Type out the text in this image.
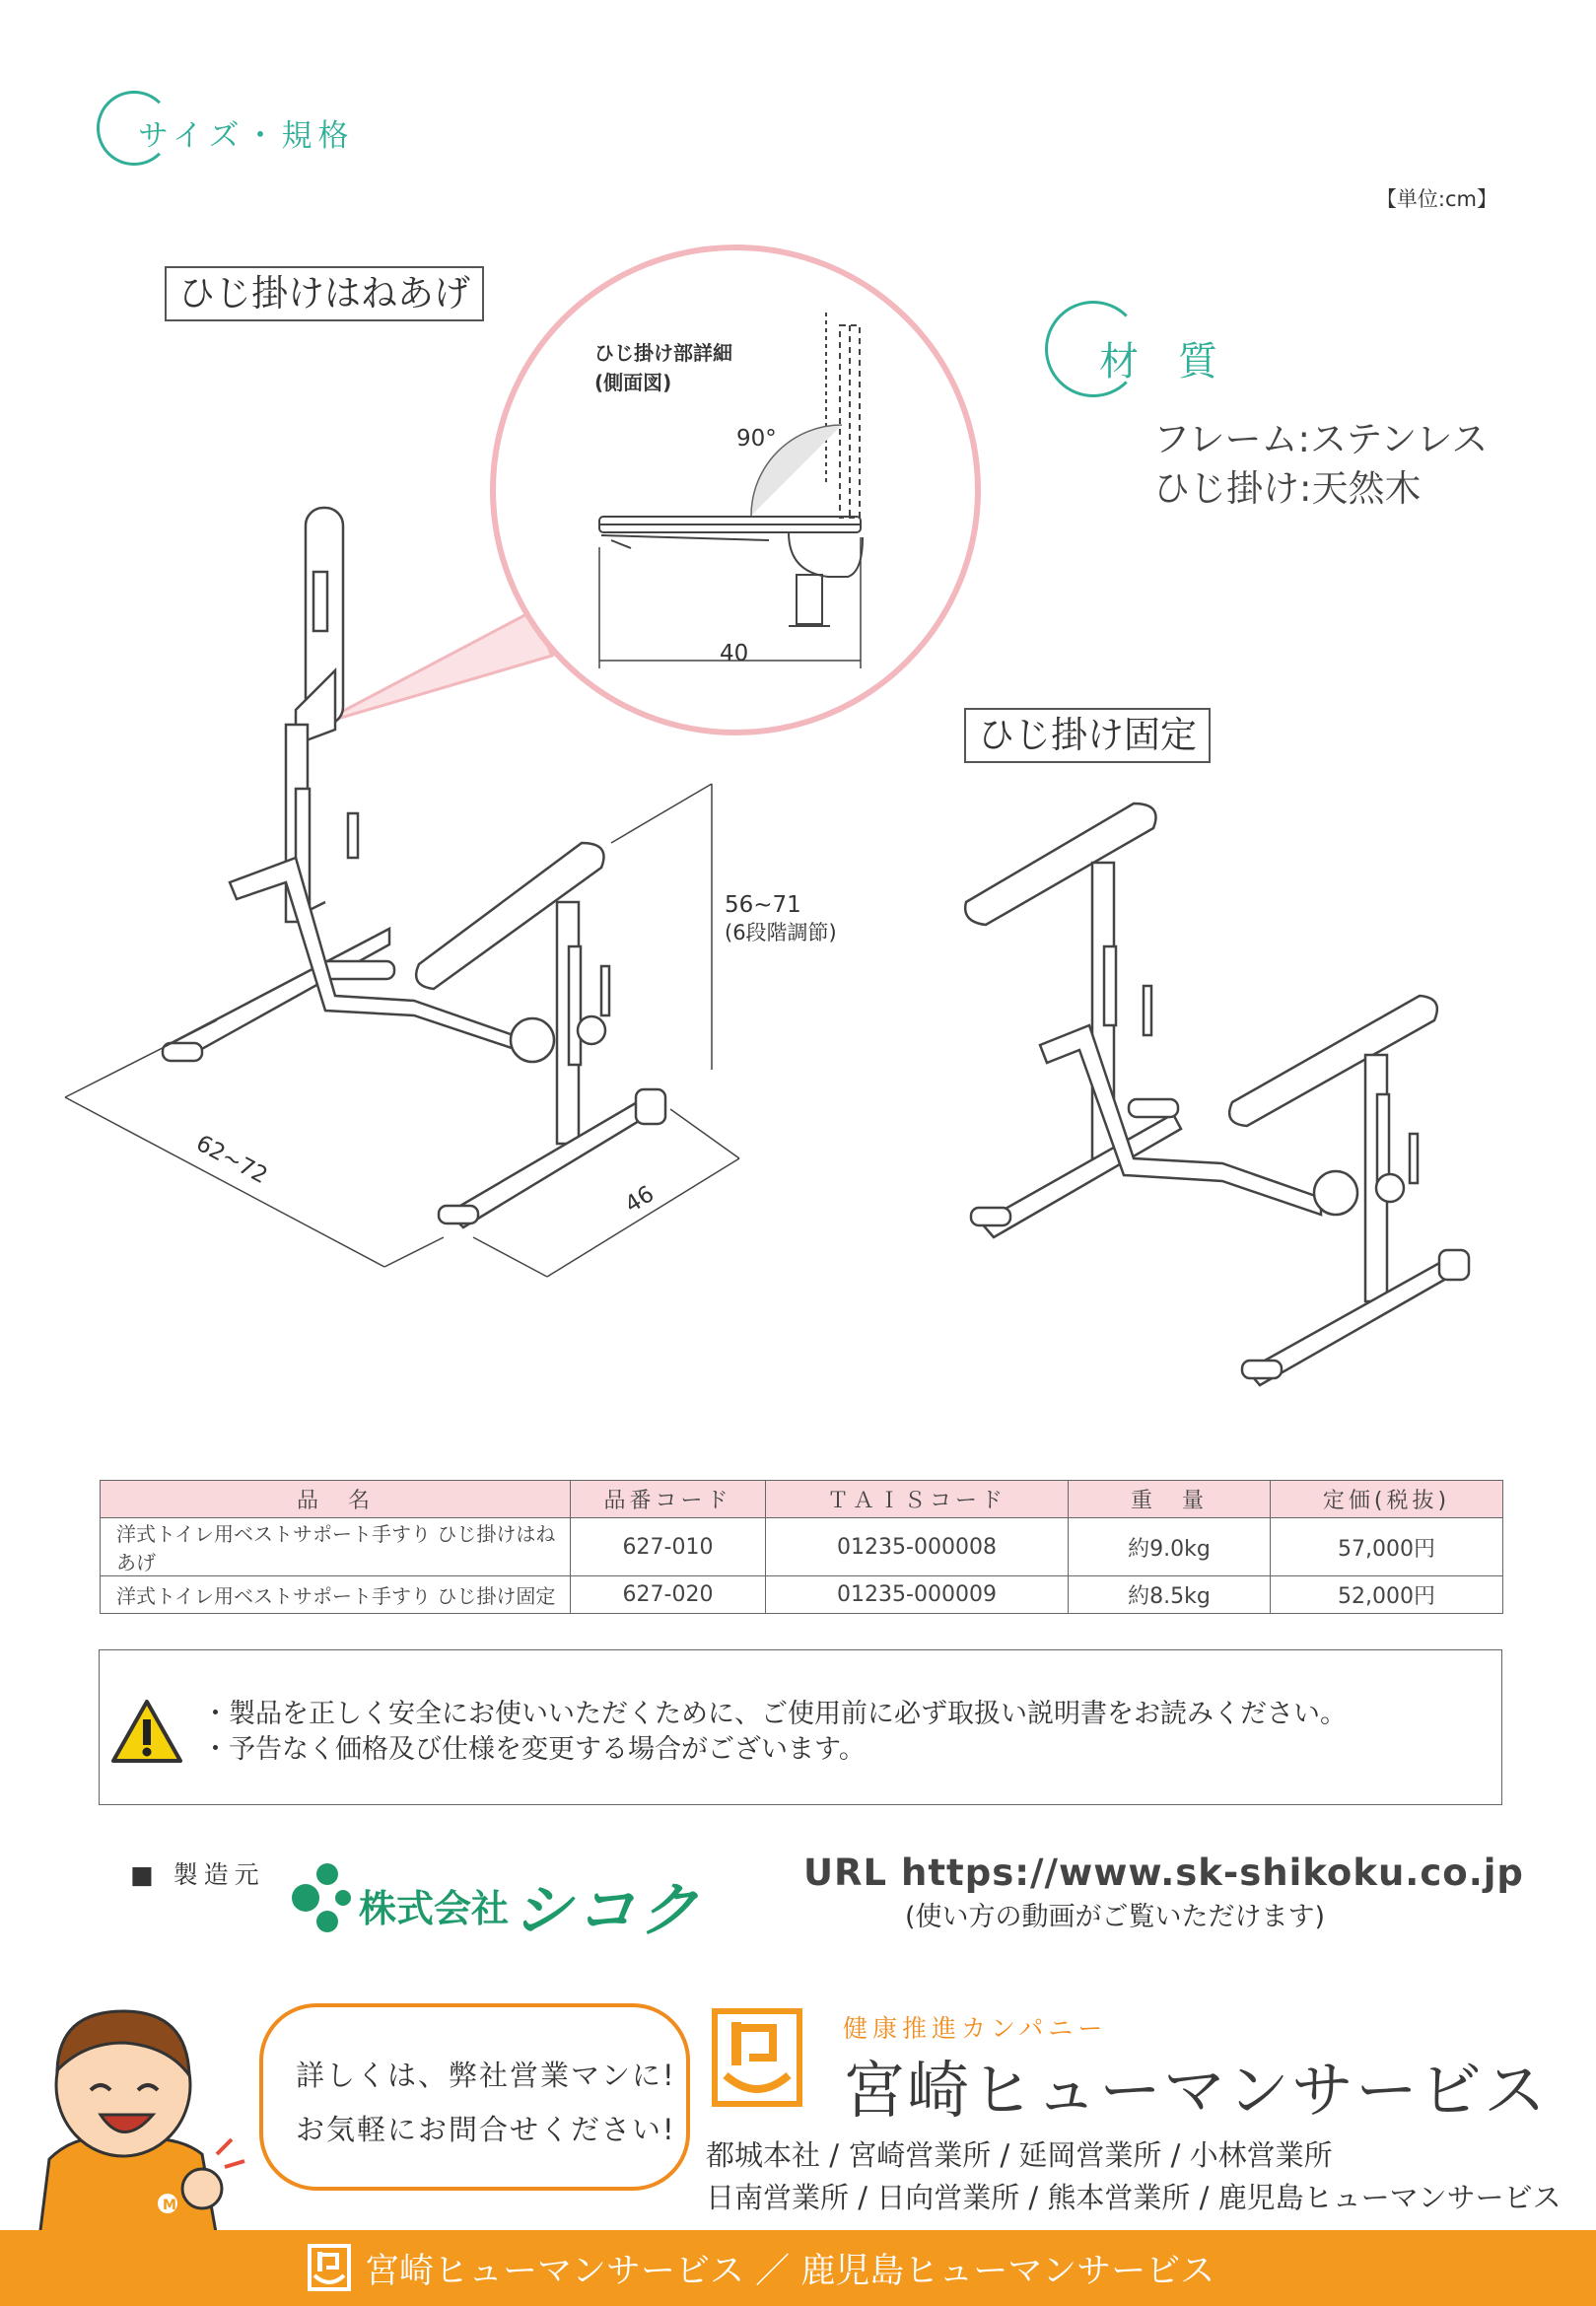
サイズ・規格
【単位:cm】
ひじ掛けはねあげ
ひじ掛け固定
ひじ掛け部詳細
(側面図)
90°
40
56~71
(6段階調節)
62~72
46
材質
フレーム:ステンレス
ひじ掛け:天然木
品　名	品番コード	ＴＡＩＳコード	重　量	定価(税抜)
洋式トイレ用ベストサポート手すり ひじ掛けはねあげ	627-010	01235-000008	約9.0kg	57,000円
洋式トイレ用ベストサポート手すり ひじ掛け固定	627-020	01235-000009	約8.5kg	52,000円
・製品を正しく安全にお使いいただくために、ご使用前に必ず取扱い説明書をお読みください。
・予告なく価格及び仕様を変更する場合がございます。
■ 製造元
株式会社 シコク
URL https://www.sk-shikoku.co.jp
(使い方の動画がご覧いただけます)
M
詳しくは、弊社営業マンに!
お気軽にお問合せください!
健康推進カンパニー
宮崎ヒューマンサービス
都城本社 / 宮崎営業所 / 延岡営業所 / 小林営業所
日南営業所 / 日向営業所 / 熊本営業所 / 鹿児島ヒューマンサービス
宮崎ヒューマンサービス ／ 鹿児島ヒューマンサービス
